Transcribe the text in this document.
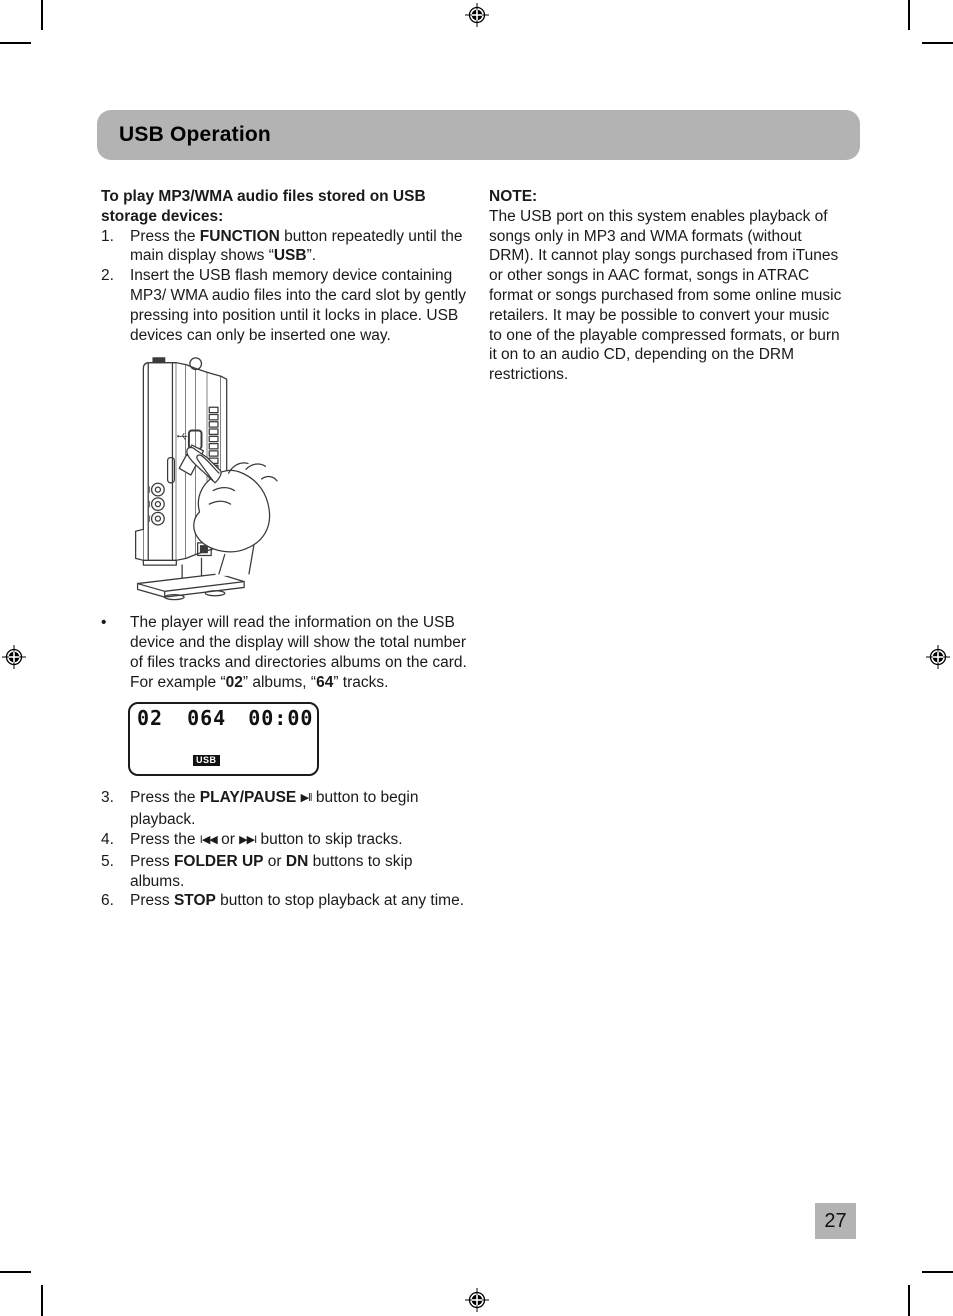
USB Operation

To play MP3/WMA audio files stored on USB storage devices:

1.	Press the FUNCTION button repeatedly until the main display shows “USB”.
2.	Insert the USB flash memory device containing MP3/ WMA audio files into the card slot by gently pressing into position until it locks in place. USB devices can only be inserted one way.
•	The player will read the information on the USB device and the display will show the total number of files tracks and directories albums on the card. For example “02” albums, “64” tracks.
02 064 00:00
USB
3.	Press the PLAY/PAUSE ▶‖ button to begin playback.
4.	Press the I◀◀ or ▶▶I button to skip tracks.
5.	Press FOLDER UP or DN buttons to skip albums.
6.	Press STOP button to stop playback at any time.

NOTE:

The USB port on this system enables playback of songs only in MP3 and WMA formats (without DRM). It cannot play songs purchased from iTunes or other songs in AAC format, songs in ATRAC format or songs purchased from some online music retailers. It may be possible to convert your music to one of the playable compressed formats, or burn it on to an audio CD, depending on the DRM restrictions.

27
